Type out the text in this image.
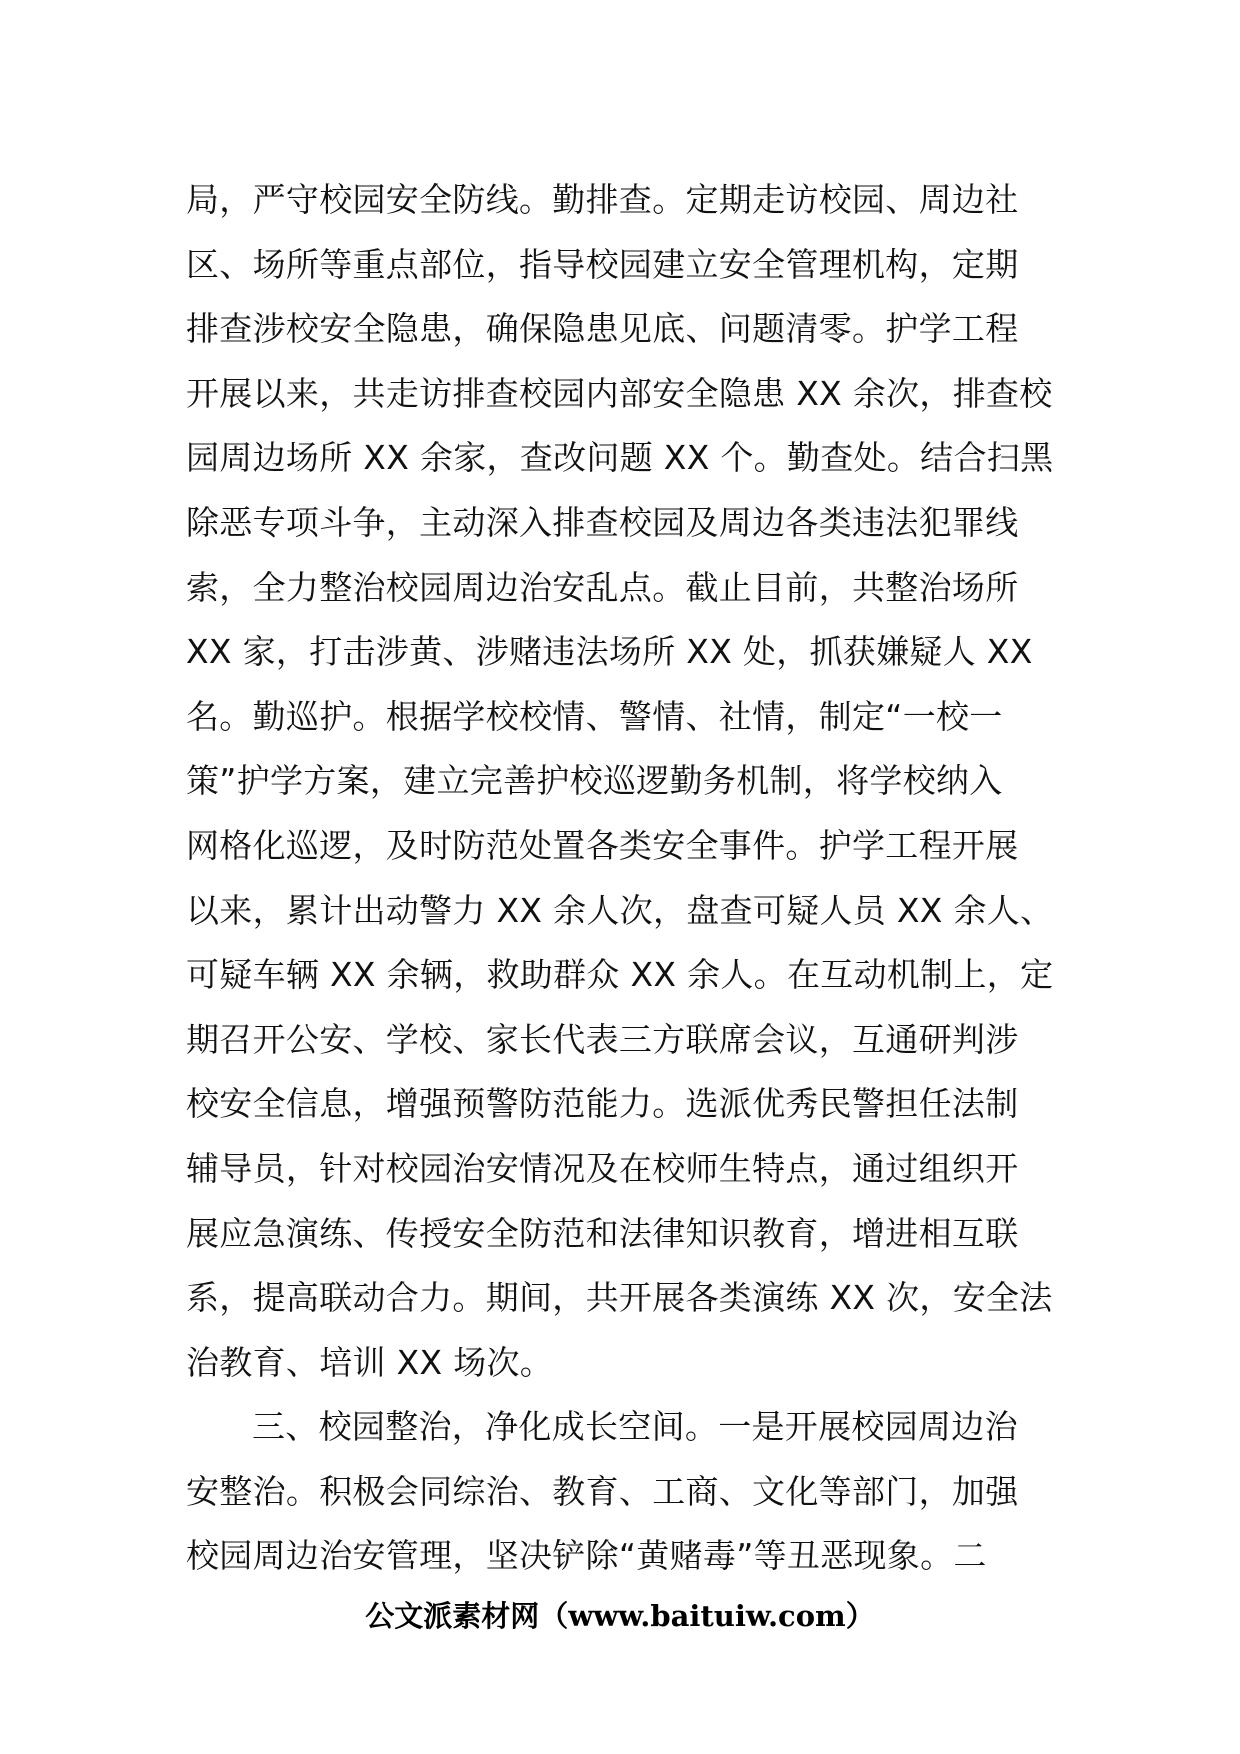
局，严守校园安全防线。勤排查。定期走访校园、周边社
区、场所等重点部位，指导校园建立安全管理机构，定期
排查涉校安全隐患，确保隐患见底、问题清零。护学工程
开展以来，共走访排查校园内部安全隐患 XX 余次，排查校
园周边场所 XX 余家，查改问题 XX 个。勤查处。结合扫黑
除恶专项斗争，主动深入排查校园及周边各类违法犯罪线
索，全力整治校园周边治安乱点。截止目前，共整治场所
XX 家，打击涉黄、涉赌违法场所 XX 处，抓获嫌疑人 XX
名。勤巡护。根据学校校情、警情、社情，制定“一校一
策”护学方案，建立完善护校巡逻勤务机制，将学校纳入
网格化巡逻，及时防范处置各类安全事件。护学工程开展
以来，累计出动警力 XX 余人次，盘查可疑人员 XX 余人、
可疑车辆 XX 余辆，救助群众 XX 余人。在互动机制上，定
期召开公安、学校、家长代表三方联席会议，互通研判涉
校安全信息，增强预警防范能力。选派优秀民警担任法制
辅导员，针对校园治安情况及在校师生特点，通过组织开
展应急演练、传授安全防范和法律知识教育，增进相互联
系，提高联动合力。期间，共开展各类演练 XX 次，安全法
治教育、培训 XX 场次。
三、校园整治，净化成长空间。一是开展校园周边治
安整治。积极会同综治、教育、工商、文化等部门，加强
校园周边治安管理，坚决铲除“黄赌毒”等丑恶现象。二
公文派素材网（www.baituiw.com）
